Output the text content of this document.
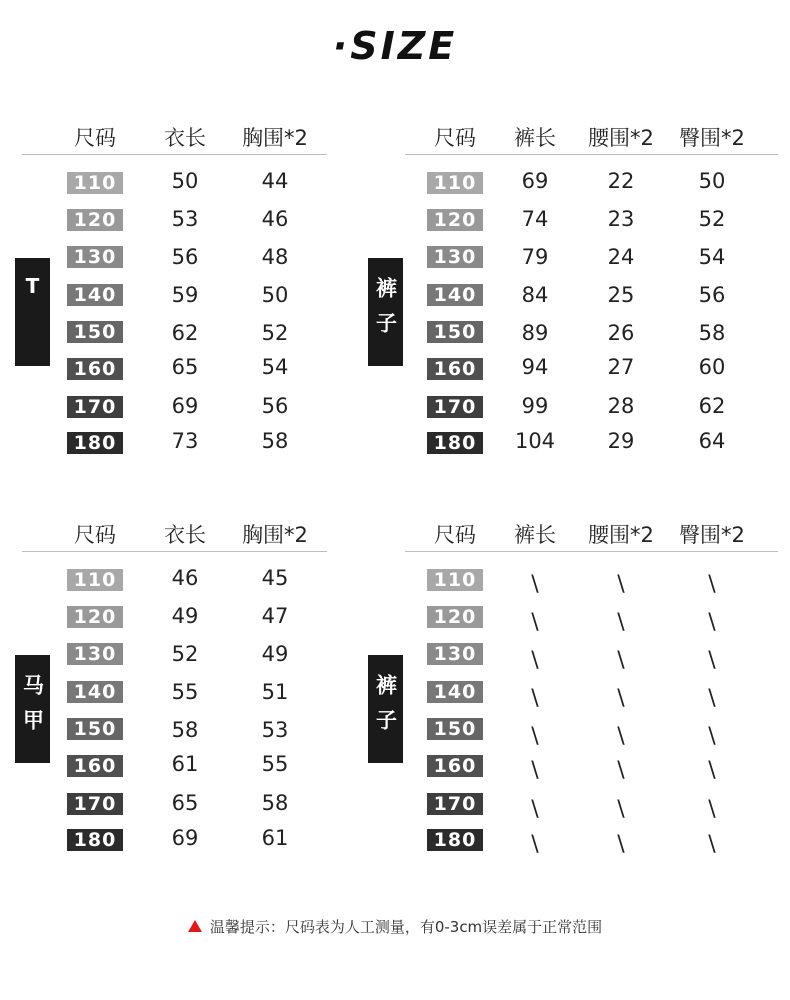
·SIZE
尺码 衣长 胸围*2
110	50	44
120	53	46
130	56	48
140	59	50
150	62	52
160	65	54
170	69	56
180	73	58
尺码 裤长 腰围*2 臀围*2
110	69	22	50
120	74	23	52
130	79	24	54
140	84	25	56
150	89	26	58
160	94	27	60
170	99	28	62
180	104	29	64
尺码 衣长 胸围*2
110	46	45
120	49	47
130	52	49
140	55	51
150	58	53
160	61	55
170	65	58
180	69	61
尺码 裤长 腰围*2 臀围*2
110	\	\	\
120	\	\	\
130	\	\	\
140	\	\	\
150	\	\	\
160	\	\	\
170	\	\	\
180	\	\	\
温馨提示：尺码表为人工测量，有0-3cm误差属于正常范围
T	裤子
马甲	裤子
